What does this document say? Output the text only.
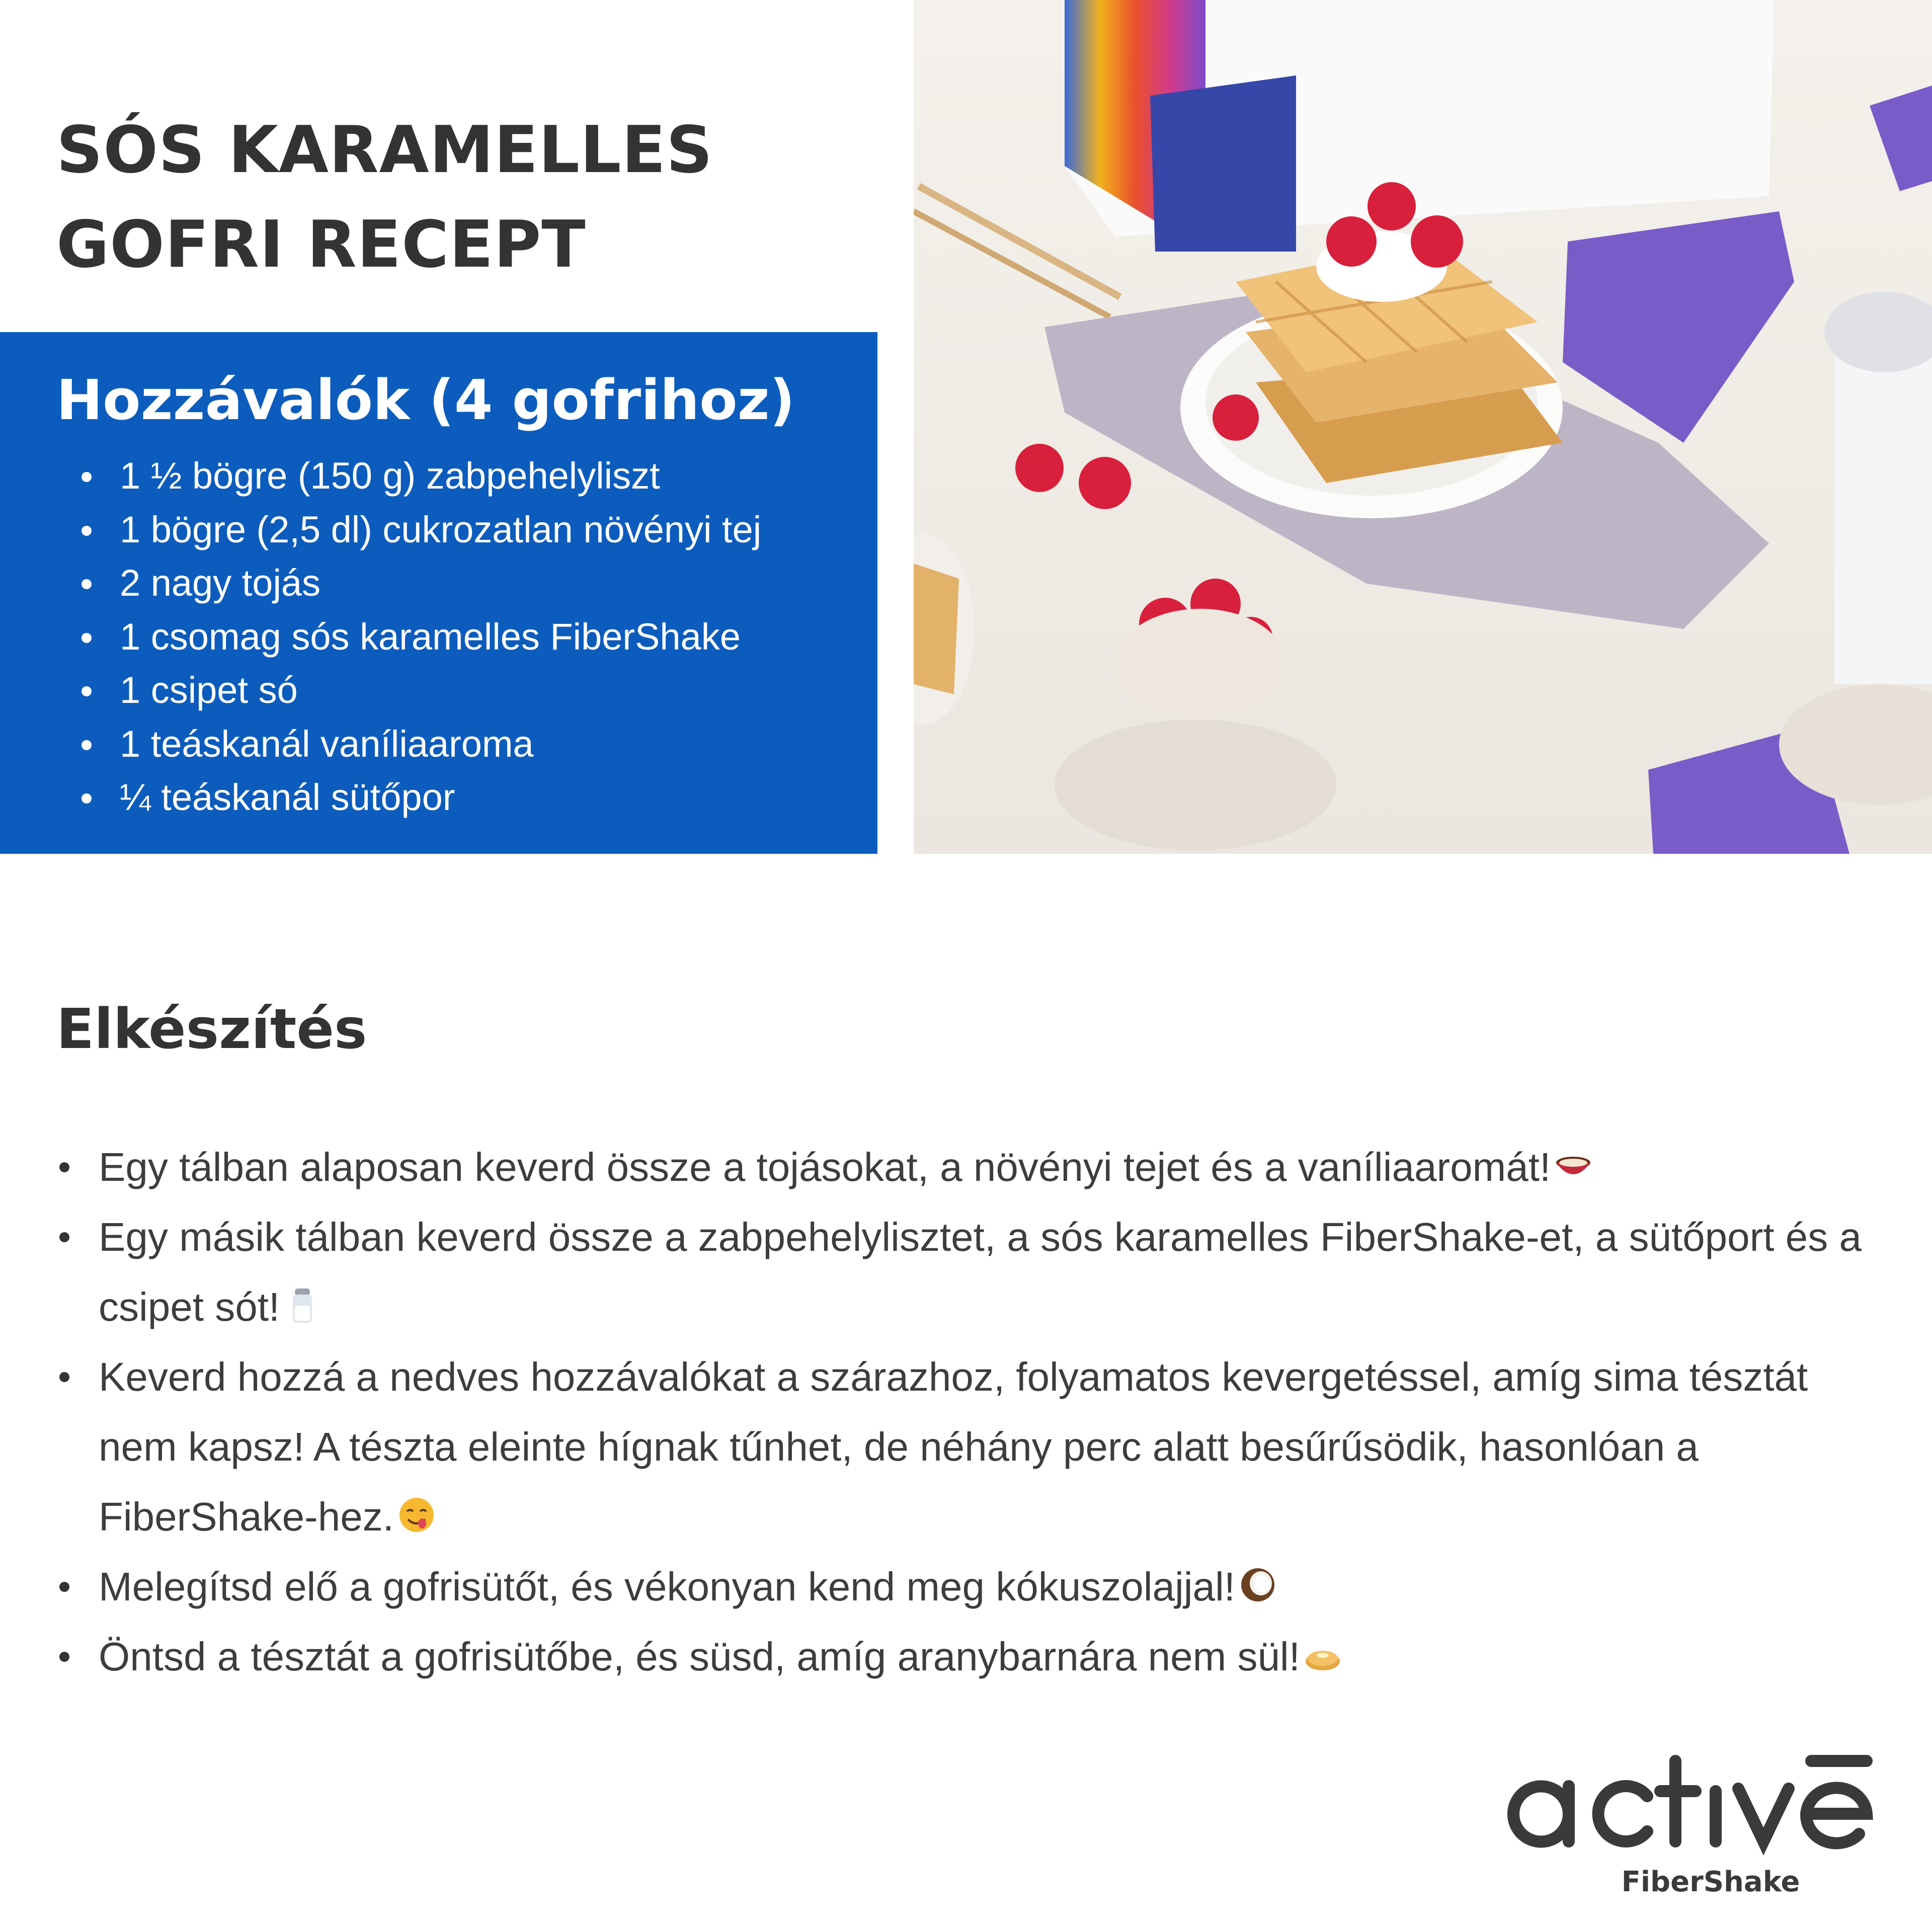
SÓS KARAMELLES
GOFRI RECEPT
Hozzávalók (4 gofrihoz)
1 ½ bögre (150 g) zabpehelyliszt
1 bögre (2,5 dl) cukrozatlan növényi tej
2 nagy tojás
1 csomag sós karamelles FiberShake
1 csipet só
1 teáskanál vaníliaaroma
¼ teáskanál sütőpor
Elkészítés
Egy tálban alaposan keverd össze a tojásokat, a növényi tejet és a vaníliaaromát!
Egy másik tálban keverd össze a zabpehelylisztet, a sós karamelles FiberShake-et, a sütőport és a csipet sót!
Keverd hozzá a nedves hozzávalókat a szárazhoz, folyamatos kevergetéssel, amíg sima tésztát nem kapsz! A tészta eleinte hígnak tűnhet, de néhány perc alatt besűrűsödik, hasonlóan a FiberShake-hez.
Melegítsd elő a gofrisütőt, és vékonyan kend meg kókuszolajjal!
Öntsd a tésztát a gofrisütőbe, és süsd, amíg aranybarnára nem sül!
FiberShake
